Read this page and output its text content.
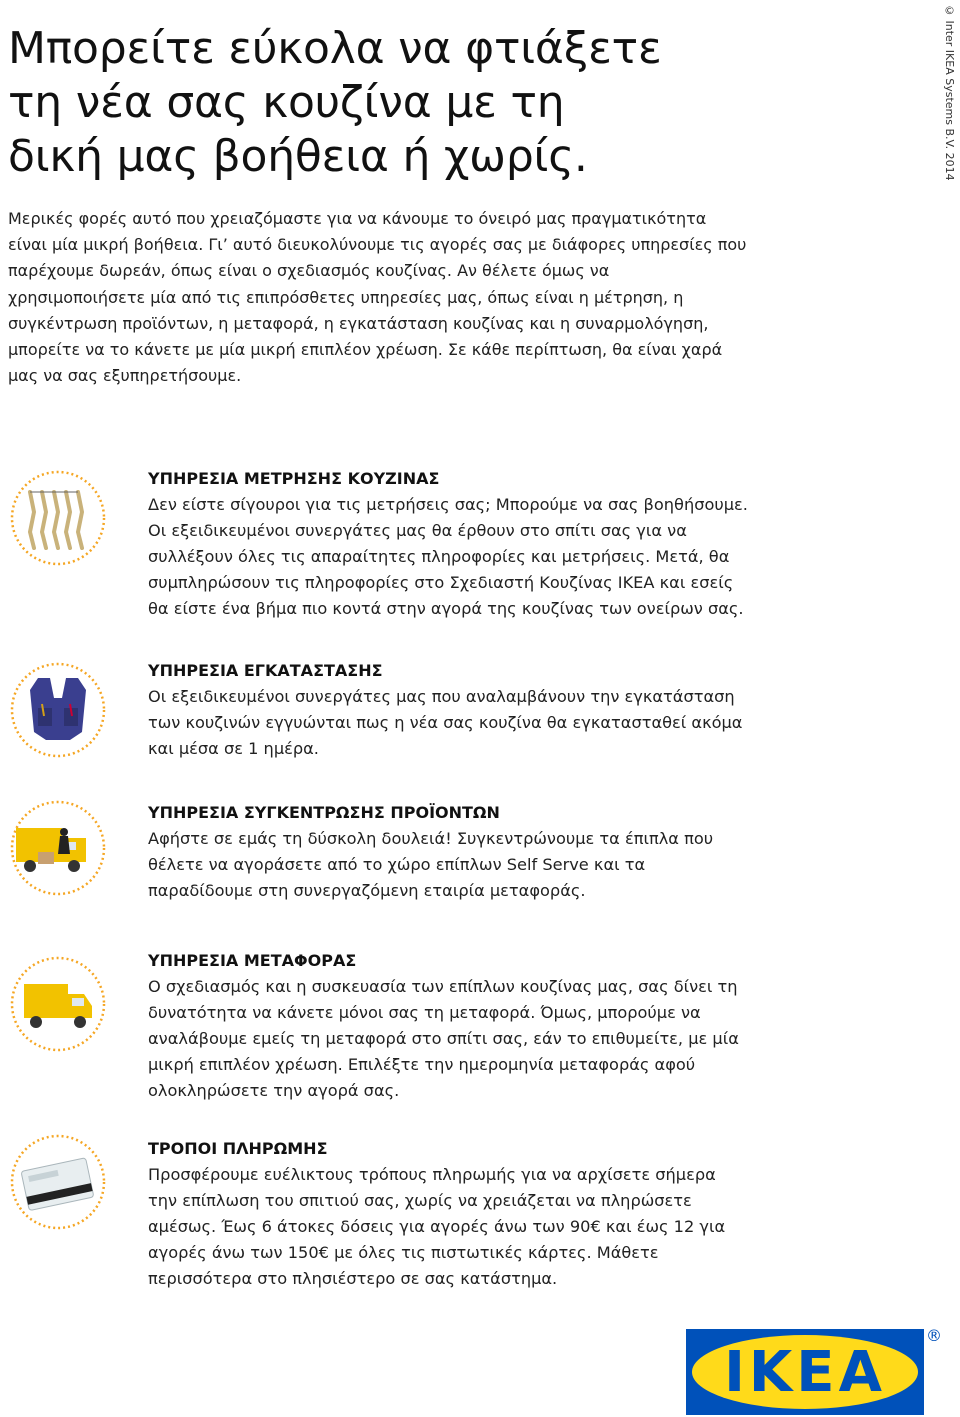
Μπορείτε εύκολα να φτιάξετε
τη νέα σας κουζίνα με τη
δική μας βοήθεια ή χωρίς.

Μερικές φορές αυτό που χρειαζόμαστε για να κάνουμε το όνειρό μας πραγματικότητα είναι μία μικρή βοήθεια. Γι’ αυτό διευκολύνουμε τις αγορές σας με διάφορες υπηρεσίες που παρέχουμε δωρεάν, όπως είναι ο σχεδιασμός κουζίνας. Αν θέλετε όμως να χρησιμοποιήσετε μία από τις επιπρόσθετες υπηρεσίες μας, όπως είναι η μέτρηση, η συγκέντρωση προϊόντων, η μεταφορά, η εγκατάσταση κουζίνας και η συναρμολόγηση, μπορείτε να το κάνετε με μία μικρή επιπλέον χρέωση. Σε κάθε περίπτωση, θα είναι χαρά μας να σας εξυπηρετήσουμε.

© Inter IKEA Systems B.V. 2014
ΥΠΗΡΕΣΙΑ ΜΕΤΡΗΣΗΣ ΚΟΥΖΙΝΑΣ

Δεν είστε σίγουροι για τις μετρήσεις σας; Μπορούμε να σας βοηθήσουμε. Οι εξειδικευμένοι συνεργάτες μας θα έρθουν στο σπίτι σας για να συλλέξουν όλες τις απαραίτητες πληροφορίες και μετρήσεις. Μετά, θα συμπληρώσουν τις πληροφορίες στο Σχεδιαστή Κουζίνας IKEA και εσείς θα είστε ένα βήμα πιο κοντά στην αγορά της κουζίνας των ονείρων σας.

ΥΠΗΡΕΣΙΑ ΕΓΚΑΤΑΣΤΑΣΗΣ

Οι εξειδικευμένοι συνεργάτες μας που αναλαμβάνουν την εγκατάσταση των κουζινών εγγυώνται πως η νέα σας κουζίνα θα εγκατασταθεί ακόμα και μέσα σε 1 ημέρα.

ΥΠΗΡΕΣΙΑ ΣΥΓΚΕΝΤΡΩΣΗΣ ΠΡΟΪΟΝΤΩΝ

Αφήστε σε εμάς τη δύσκολη δουλειά! Συγκεντρώνουμε τα έπιπλα που θέλετε να αγοράσετε από το χώρο επίπλων Self Serve και τα παραδίδουμε στη συνεργαζόμενη εταιρία μεταφοράς.

ΥΠΗΡΕΣΙΑ ΜΕΤΑΦΟΡΑΣ

Ο σχεδιασμός και η συσκευασία των επίπλων κουζίνας μας, σας δίνει τη δυνατότητα να κάνετε μόνοι σας τη μεταφορά. Όμως, μπορούμε να αναλάβουμε εμείς τη μεταφορά στο σπίτι σας, εάν το επιθυμείτε, με μία μικρή επιπλέον χρέωση. Επιλέξτε την ημερομηνία μεταφοράς αφού ολοκληρώσετε την αγορά σας.

ΤΡΟΠΟΙ ΠΛΗΡΩΜΗΣ

Προσφέρουμε ευέλικτους τρόπους πληρωμής για να αρχίσετε σήμερα την επίπλωση του σπιτιού σας, χωρίς να χρειάζεται να πληρώσετε αμέσως. Έως 6 άτοκες δόσεις για αγορές άνω των 90€ και έως 12 για αγορές άνω των 150€ με όλες τις πιστωτικές κάρτες. Μάθετε περισσότερα στο πλησιέστερο σε σας κατάστημα.

IKEA
®
